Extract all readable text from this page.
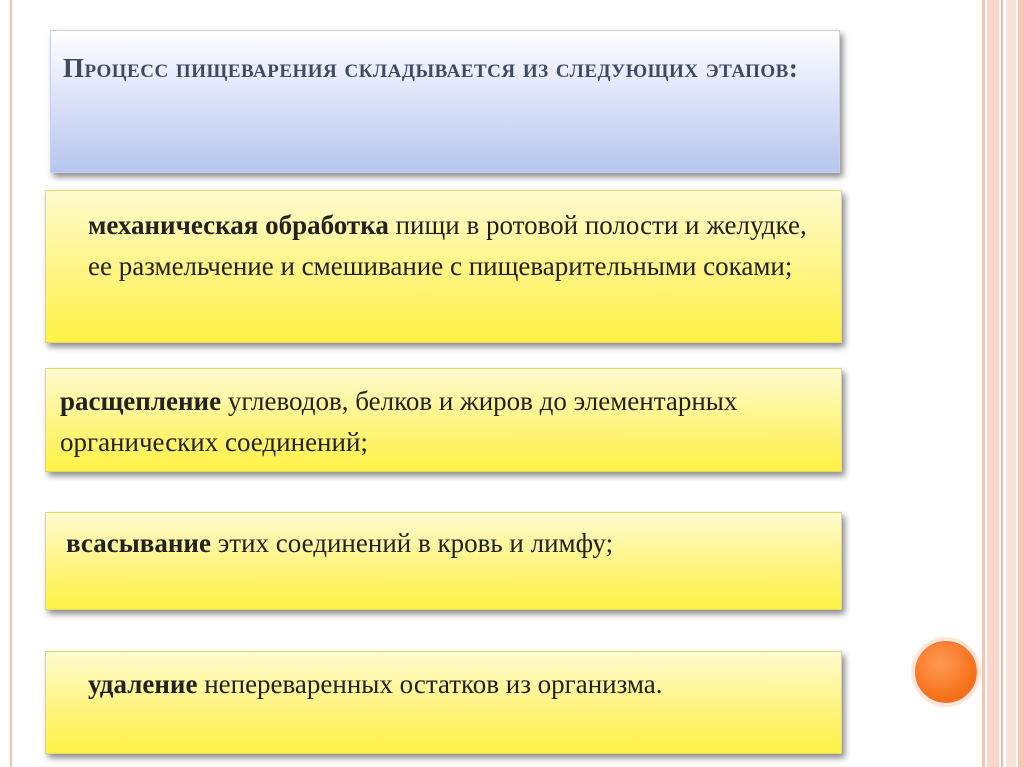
Процесс пищеварения складывается из следующих этапов:
механическая обработка пищи в ротовой полости и желудке, ее размельчение и смешивание с пищеварительными соками;
расщепление углеводов, белков и жиров до элементарных органических соединений;
всасывание этих соединений в кровь и лимфу;
удаление непереваренных остатков из организма.
